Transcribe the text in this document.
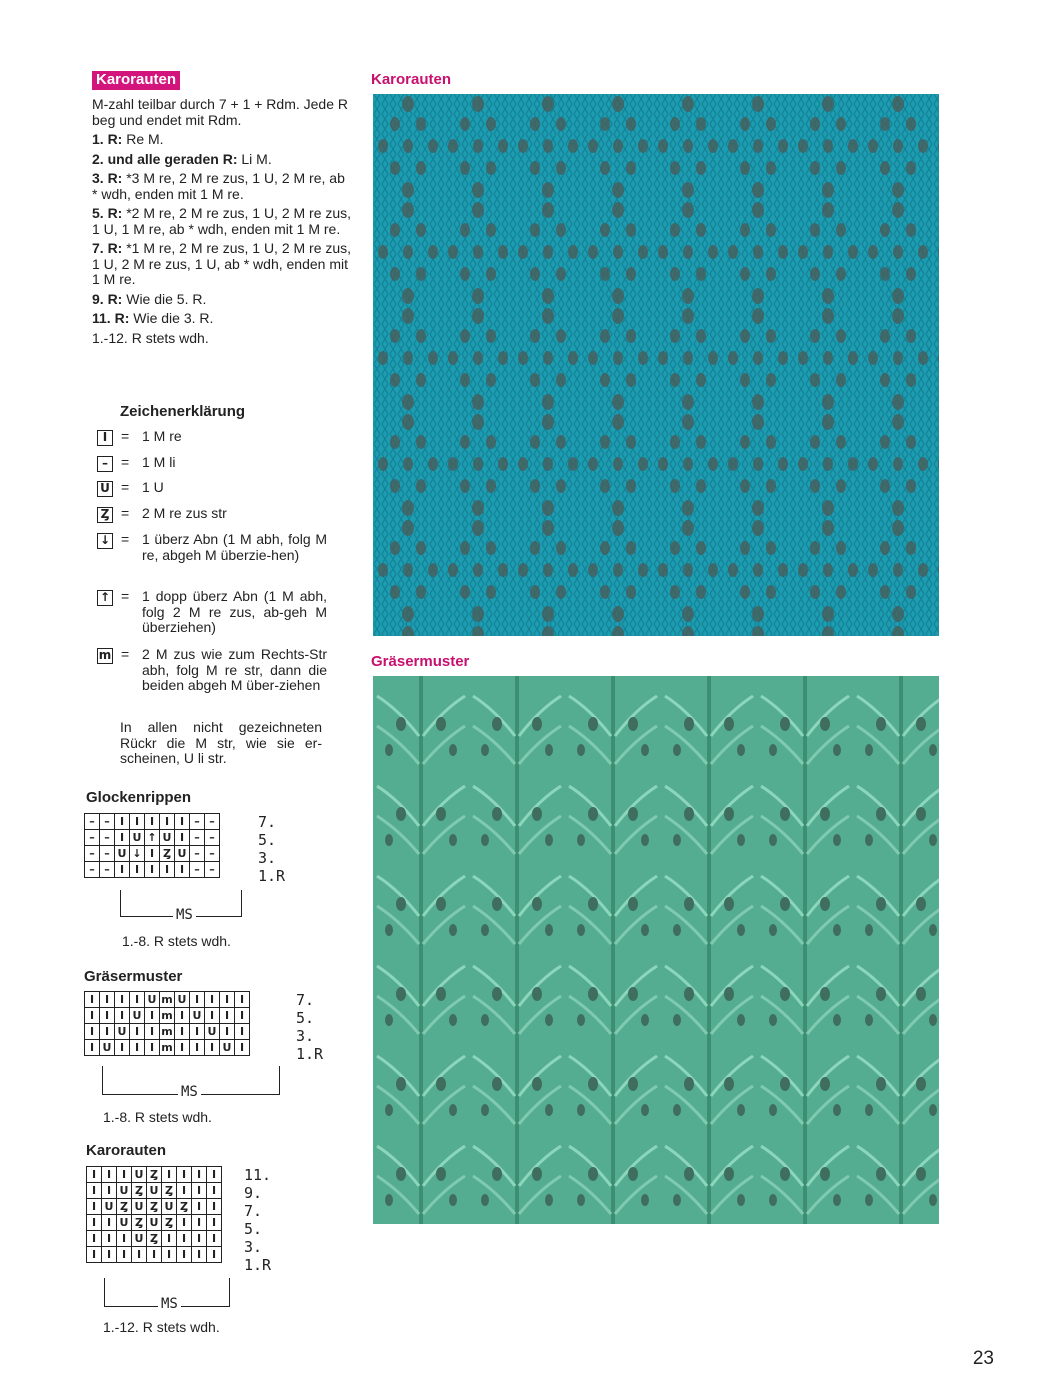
Karorauten

M-zahl teilbar durch 7 + 1 + Rdm. Jede R beg und endet mit Rdm.

1. R: Re M.

2. und alle geraden R: Li M.

3. R: *3 M re, 2 M re zus, 1 U, 2 M re, ab * wdh, enden mit 1 M re.

5. R: *2 M re, 2 M re zus, 1 U, 2 M re zus, 1 U, 1 M re, ab * wdh, enden mit 1 M re.

7. R: *1 M re, 2 M re zus, 1 U, 2 M re zus, 1 U, 2 M re zus, 1 U, ab * wdh, enden mit 1 M re.

9. R: Wie die 5. R.

11. R: Wie die 3. R.

1.-12. R stets wdh.

Zeichenerklärung
I = 1 M re
– = 1 M li
U = 1 U
Ȥ = 2 M re zus str
↓ = 1 überz Abn (1 M abh, folg M re, abgeh M überzie-hen)
↑ = 1 dopp überz Abn (1 M abh, folg 2 M re zus, ab-geh M überziehen)
m = 2 M zus wie zum Rechts-Str abh, folg M re str, dann die beiden abgeh M über-ziehen
In allen nicht gezeichneten Rückr die M str, wie sie er-scheinen, U li str.
Glockenrippen
–	–	I	I	I	I	I	–	–
–	–	I	U	↑	U	I	–	–
–	–	U	↓	I	Ȥ	U	–	–
–	–	I	I	I	I	I	–	–
7.
5.
3.
1.R
MS
1.-8. R stets wdh.
Gräsermuster
I	I	I	I	U	m	U	I	I	I	I
I	I	I	U	I	m	I	U	I	I	I
I	I	U	I	I	m	I	I	U	I	I
I	U	I	I	I	m	I	I	I	U	I
7.
5.
3.
1.R
MS
1.-8. R stets wdh.
Karorauten
I	I	I	U	Ȥ	I	I	I	I
I	I	U	Ȥ	U	Ȥ	I	I	I
I	U	Ȥ	U	Ȥ	U	Ȥ	I	I
I	I	U	Ȥ	U	Ȥ	I	I	I
I	I	I	U	Ȥ	I	I	I	I
I	I	I	I	I	I	I	I	I
11.
9.
7.
5.
3.
1.R
MS
1.-12. R stets wdh.
Karorauten
Gräsermuster
23
